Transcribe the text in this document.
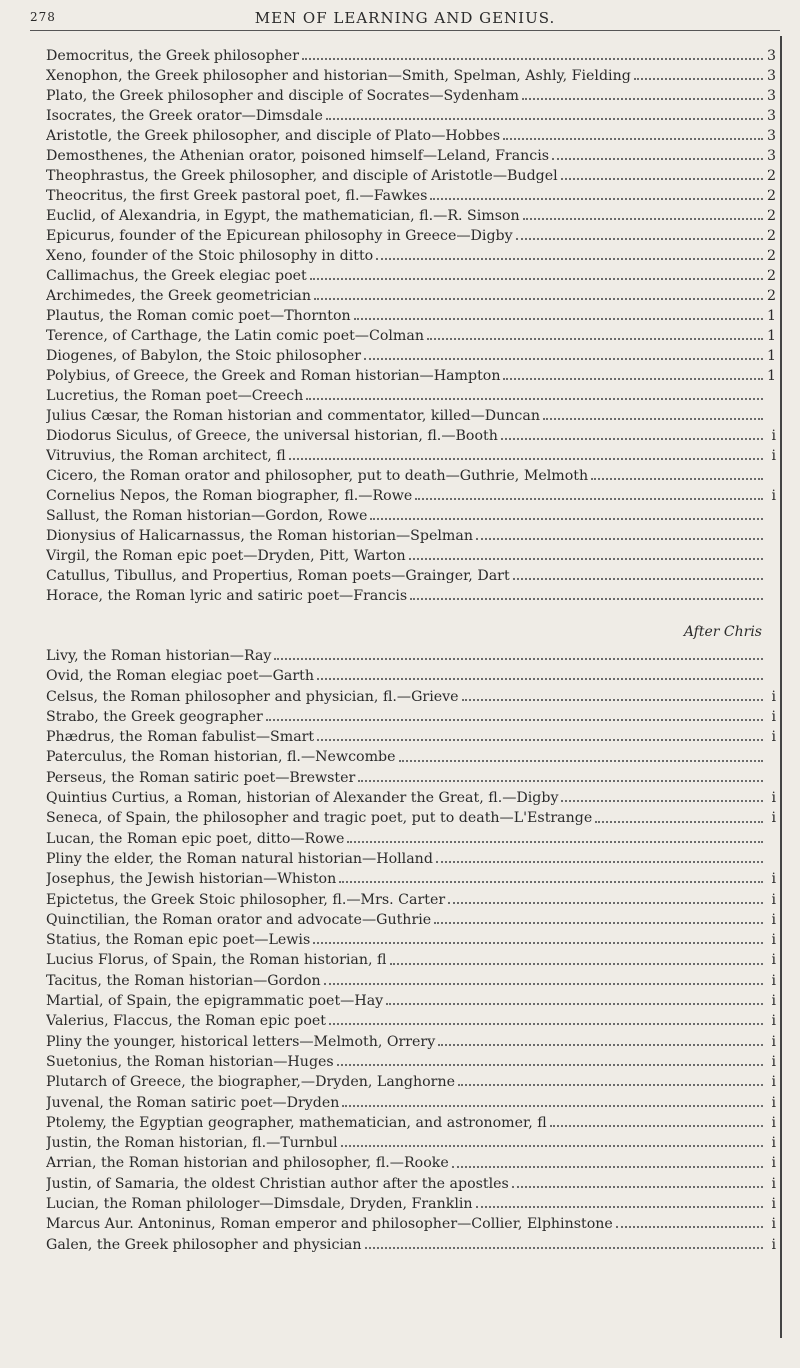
278	MEN OF LEARNING AND GENIUS.
Democritus, the Greek philosopher	3
Xenophon, the Greek philosopher and historian—Smith, Spelman, Ashly, Fielding	3
Plato, the Greek philosopher and disciple of Socrates—Sydenham	3
Isocrates, the Greek orator—Dimsdale	3
Aristotle, the Greek philosopher, and disciple of Plato—Hobbes	3
Demosthenes, the Athenian orator, poisoned himself—Leland, Francis	3
Theophrastus, the Greek philosopher, and disciple of Aristotle—Budgel	2
Theocritus, the first Greek pastoral poet, fl.—Fawkes	2
Euclid, of Alexandria, in Egypt, the mathematician, fl.—R. Simson	2
Epicurus, founder of the Epicurean philosophy in Greece—Digby	2
Xeno, founder of the Stoic philosophy in ditto	2
Callimachus, the Greek elegiac poet	2
Archimedes, the Greek geometrician	2
Plautus, the Roman comic poet—Thornton	1
Terence, of Carthage, the Latin comic poet—Colman	1
Diogenes, of Babylon, the Stoic philosopher	1
Polybius, of Greece, the Greek and Roman historian—Hampton	1
Lucretius, the Roman poet—Creech
Julius Cæsar, the Roman historian and commentator, killed—Duncan
Diodorus Siculus, of Greece, the universal historian, fl.—Booth	i
Vitruvius, the Roman architect, fl	i
Cicero, the Roman orator and philosopher, put to death—Guthrie, Melmoth
Cornelius Nepos, the Roman biographer, fl.—Rowe	i
Sallust, the Roman historian—Gordon, Rowe
Dionysius of Halicarnassus, the Roman historian—Spelman
Virgil, the Roman epic poet—Dryden, Pitt, Warton
Catullus, Tibullus, and Propertius, Roman poets—Grainger, Dart
Horace, the Roman lyric and satiric poet—Francis
After Chris
Livy, the Roman historian—Ray
Ovid, the Roman elegiac poet—Garth
Celsus, the Roman philosopher and physician, fl.—Grieve	i
Strabo, the Greek geographer	i
Phædrus, the Roman fabulist—Smart	i
Paterculus, the Roman historian, fl.—Newcombe
Perseus, the Roman satiric poet—Brewster
Quintius Curtius, a Roman, historian of Alexander the Great, fl.—Digby	i
Seneca, of Spain, the philosopher and tragic poet, put to death—L'Estrange	i
Lucan, the Roman epic poet, ditto—Rowe
Pliny the elder, the Roman natural historian—Holland
Josephus, the Jewish historian—Whiston	i
Epictetus, the Greek Stoic philosopher, fl.—Mrs. Carter	i
Quinctilian, the Roman orator and advocate—Guthrie	i
Statius, the Roman epic poet—Lewis	i
Lucius Florus, of Spain, the Roman historian, fl	i
Tacitus, the Roman historian—Gordon	i
Martial, of Spain, the epigrammatic poet—Hay	i
Valerius, Flaccus, the Roman epic poet	i
Pliny the younger, historical letters—Melmoth, Orrery	i
Suetonius, the Roman historian—Huges	i
Plutarch of Greece, the biographer,—Dryden, Langhorne	i
Juvenal, the Roman satiric poet—Dryden	i
Ptolemy, the Egyptian geographer, mathematician, and astronomer, fl	i
Justin, the Roman historian, fl.—Turnbul	i
Arrian, the Roman historian and philosopher, fl.—Rooke	i
Justin, of Samaria, the oldest Christian author after the apostles	i
Lucian, the Roman philologer—Dimsdale, Dryden, Franklin	i
Marcus Aur. Antoninus, Roman emperor and philosopher—Collier, Elphinstone	i
Galen, the Greek philosopher and physician	i
